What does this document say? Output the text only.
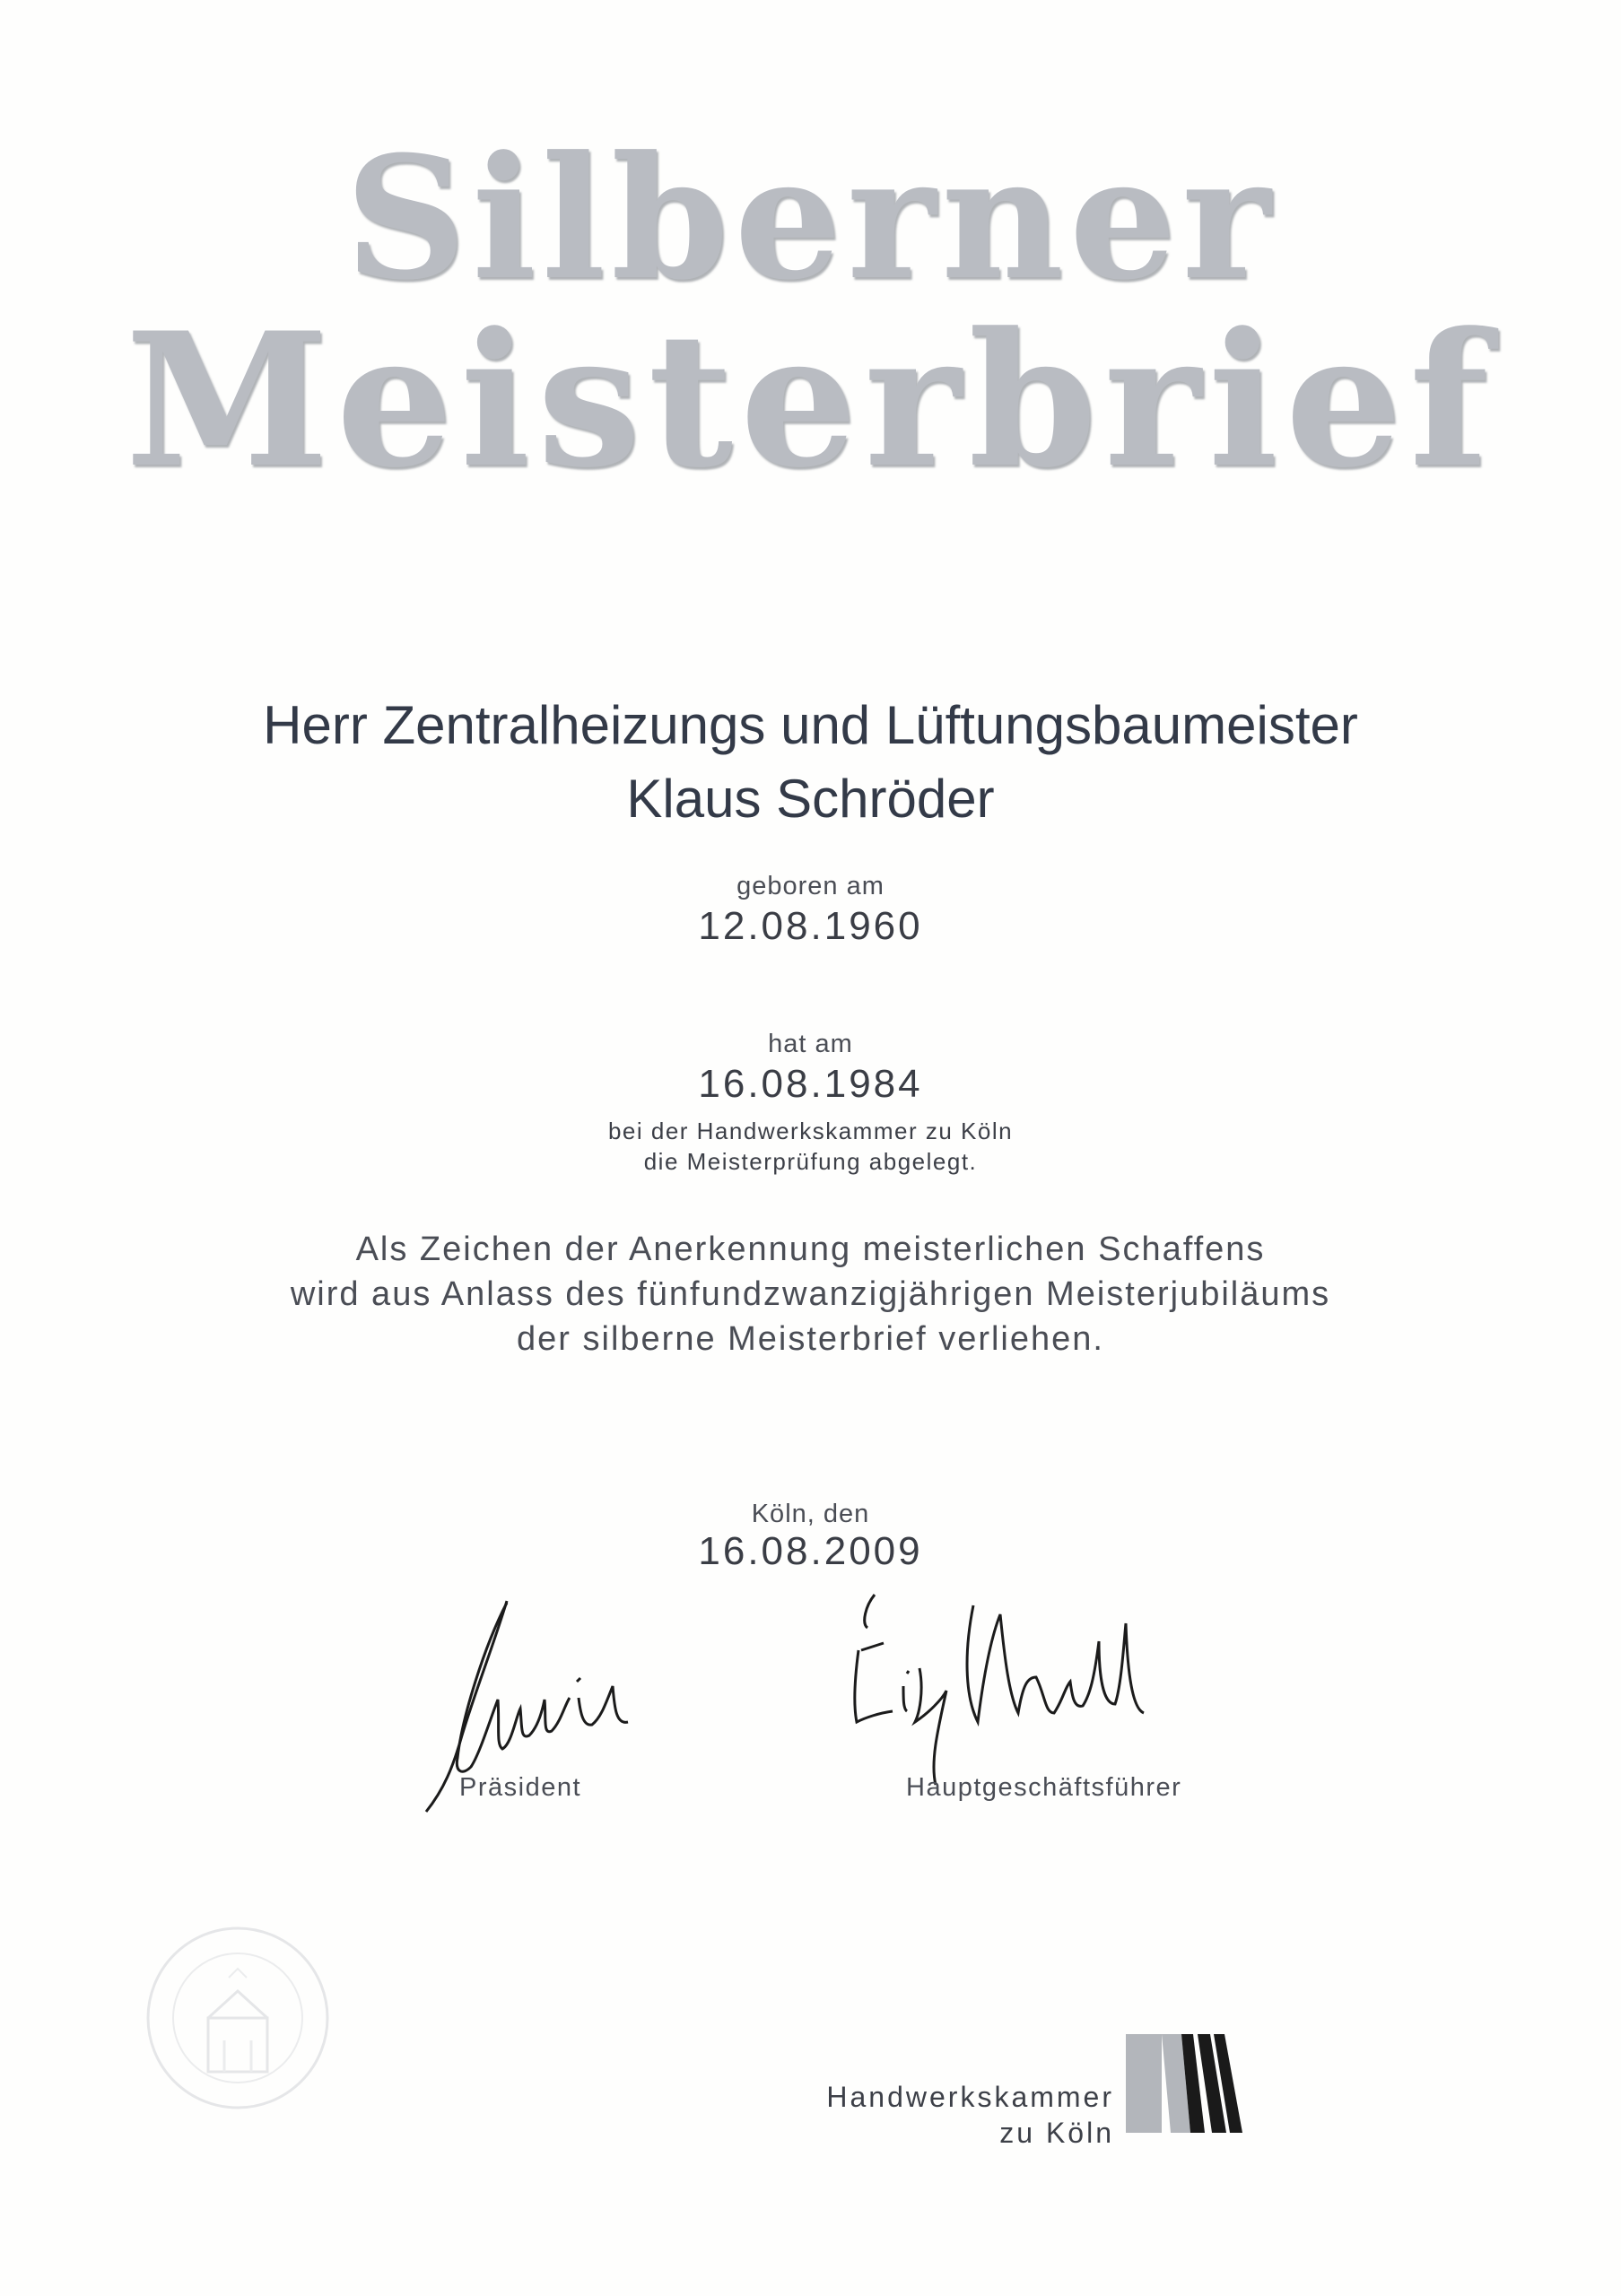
Silberner
Meisterbrief
Herr Zentralheizungs und Lüftungsbaumeister
Klaus Schröder
geboren am
12.08.1960
hat am
16.08.1984
bei der Handwerkskammer zu Köln
die Meisterprüfung abgelegt.
Als Zeichen der Anerkennung meisterlichen Schaffens
wird aus Anlass des fünfundzwanzigjährigen Meisterjubiläums
der silberne Meisterbrief verliehen.
Köln, den
16.08.2009
Präsident	Hauptgeschäftsführer
Handwerkskammer
zu Köln
